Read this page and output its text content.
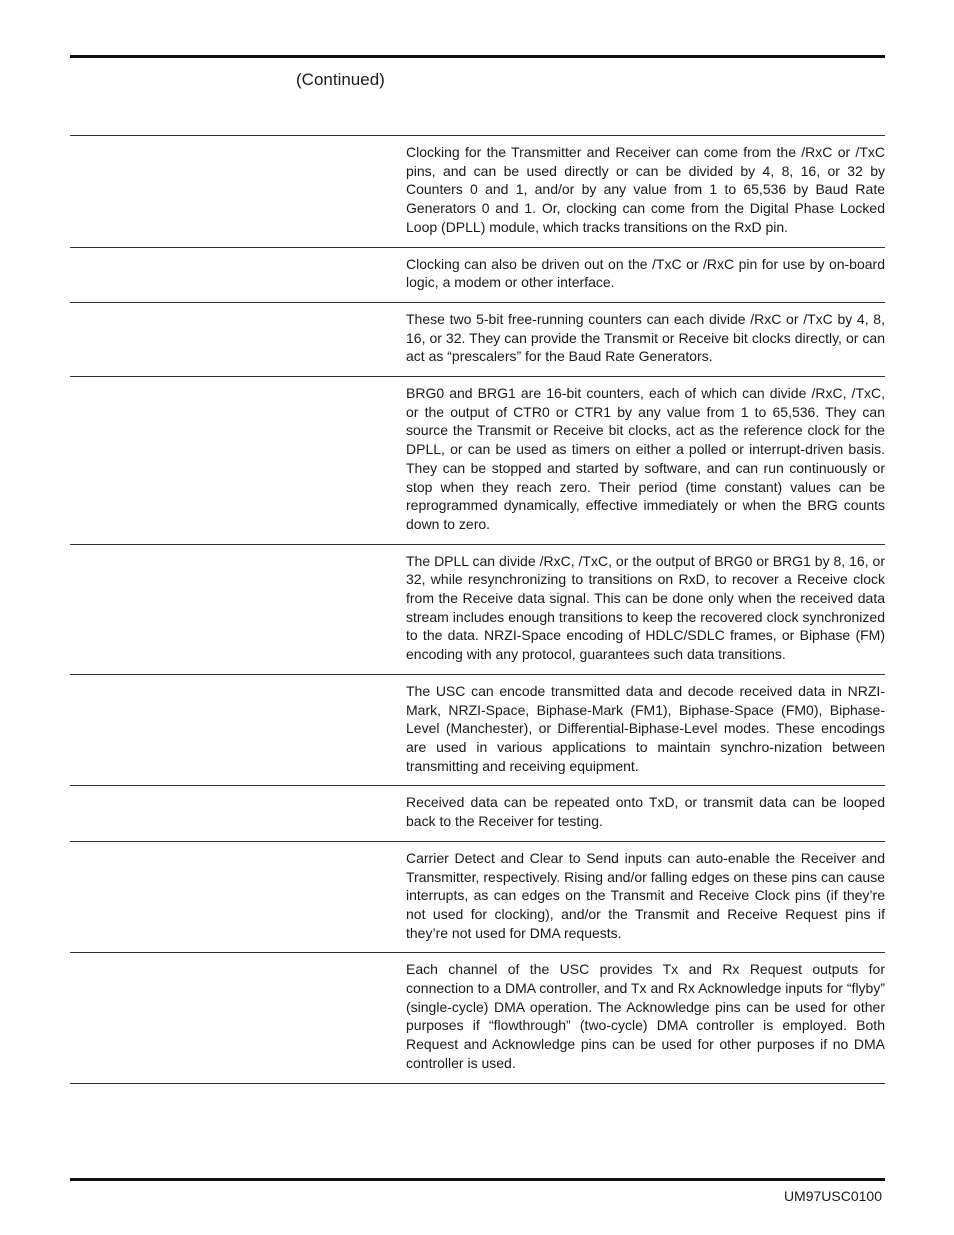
(Continued)
Clocking for the Transmitter and Receiver can come from the /RxC or /TxC pins, and can be used directly or can be divided by 4, 8, 16, or 32 by Counters 0 and 1, and/or by any value from 1 to 65,536 by Baud Rate Generators 0 and 1. Or, clocking can come from the Digital Phase Locked Loop (DPLL) module, which tracks transitions on the RxD pin.
Clocking can also be driven out on the /TxC or /RxC pin for use by on-board logic, a modem or other interface.
These two 5-bit free-running counters can each divide /RxC or /TxC by 4, 8, 16, or 32. They can provide the Transmit or Receive bit clocks directly, or can act as “prescalers” for the Baud Rate Generators.
BRG0 and BRG1 are 16-bit counters, each of which can divide /RxC, /TxC, or the output of CTR0 or CTR1 by any value from 1 to 65,536. They can source the Transmit or Receive bit clocks, act as the reference clock for the DPLL, or can be used as timers on either a polled or interrupt-driven basis. They can be stopped and started by software, and can run continuously or stop when they reach zero. Their period (time constant) values can be reprogrammed dynamically, effective immediately or when the BRG counts down to zero.
The DPLL can divide /RxC, /TxC, or the output of BRG0 or BRG1 by 8, 16, or 32, while resynchronizing to transitions on RxD, to recover a Receive clock from the Receive data signal. This can be done only when the received data stream includes enough transitions to keep the recovered clock synchronized to the data. NRZI-Space encoding of HDLC/SDLC frames, or Biphase (FM) encoding with any protocol, guarantees such data transitions.
The USC can encode transmitted data and decode received data in NRZI-Mark, NRZI-Space, Biphase-Mark (FM1), Biphase-Space (FM0), Biphase-Level (Manchester), or Differential-Biphase-Level modes. These encodings are used in various applications to maintain synchro-nization between transmitting and receiving equipment.
Received data can be repeated onto TxD, or transmit data can be looped back to the Receiver for testing.
Carrier Detect and Clear to Send inputs can auto-enable the Receiver and Transmitter, respectively. Rising and/or falling edges on these pins can cause interrupts, as can edges on the Transmit and Receive Clock pins (if they’re not used for clocking), and/or the Transmit and Receive Request pins if they’re not used for DMA requests.
Each channel of the USC provides Tx and Rx Request outputs for connection to a DMA controller, and Tx and Rx Acknowledge inputs for “flyby” (single-cycle) DMA operation. The Acknowledge pins can be used for other purposes if “flowthrough” (two-cycle) DMA controller is employed. Both Request and Acknowledge pins can be used for other purposes if no DMA controller is used.
UM97USC0100
